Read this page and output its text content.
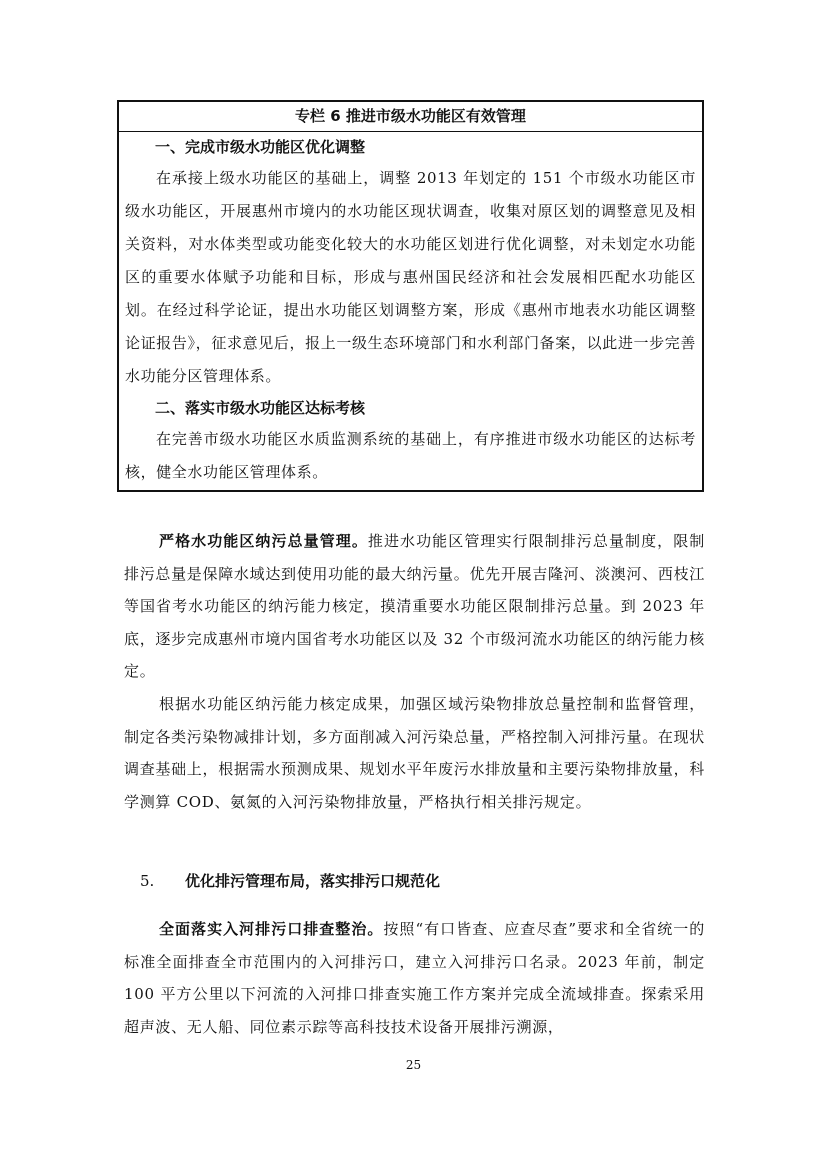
专栏 6 推进市级水功能区有效管理

一、完成市级水功能区优化调整

在承接上级水功能区的基础上，调整 2013 年划定的 151 个市级水功能区市级水功能区，开展惠州市境内的水功能区现状调查，收集对原区划的调整意见及相关资料，对水体类型或功能变化较大的水功能区划进行优化调整，对未划定水功能区的重要水体赋予功能和目标，形成与惠州国民经济和社会发展相匹配水功能区划。在经过科学论证，提出水功能区划调整方案，形成《惠州市地表水功能区调整论证报告》，征求意见后，报上一级生态环境部门和水利部门备案，以此进一步完善水功能分区管理体系。

二、落实市级水功能区达标考核

在完善市级水功能区水质监测系统的基础上，有序推进市级水功能区的达标考核，健全水功能区管理体系。

严格水功能区纳污总量管理。推进水功能区管理实行限制排污总量制度，限制排污总量是保障水域达到使用功能的最大纳污量。优先开展吉隆河、淡澳河、西枝江等国省考水功能区的纳污能力核定，摸清重要水功能区限制排污总量。到 2023 年底，逐步完成惠州市境内国省考水功能区以及 32 个市级河流水功能区的纳污能力核定。

根据水功能区纳污能力核定成果，加强区域污染物排放总量控制和监督管理，制定各类污染物减排计划，多方面削减入河污染总量，严格控制入河排污量。在现状调查基础上，根据需水预测成果、规划水平年废污水排放量和主要污染物排放量，科学测算 COD、氨氮的入河污染物排放量，严格执行相关排污规定。

5. 优化排污管理布局，落实排污口规范化

全面落实入河排污口排查整治。按照“有口皆查、应查尽查”要求和全省统一的标准全面排查全市范围内的入河排污口，建立入河排污口名录。2023 年前，制定 100 平方公里以下河流的入河排口排查实施工作方案并完成全流域排查。探索采用超声波、无人船、同位素示踪等高科技技术设备开展排污溯源，

25
